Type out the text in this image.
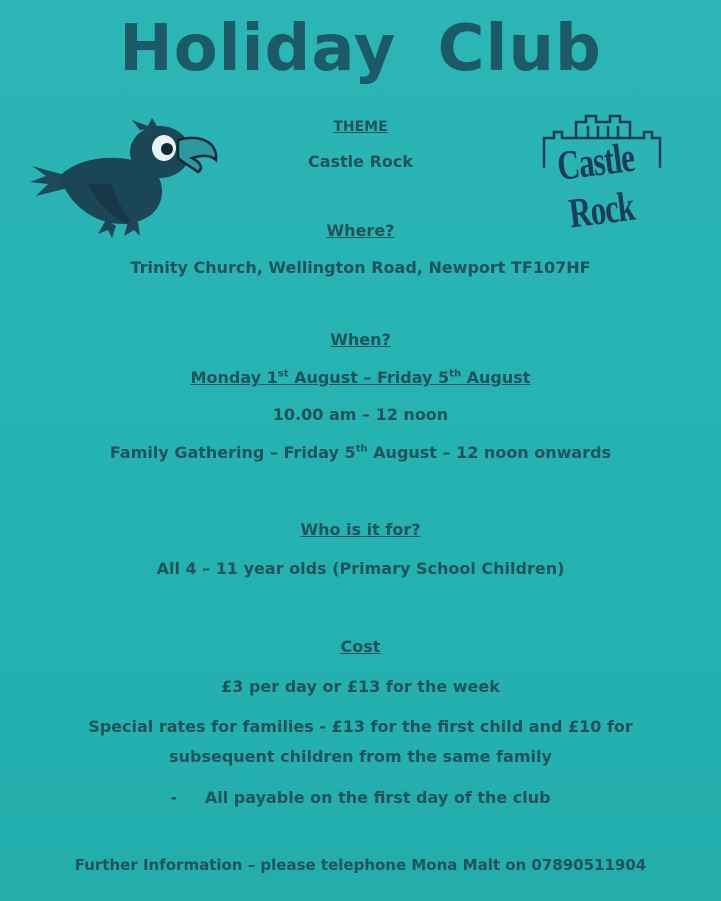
Holiday Club
THEME
Castle Rock	Castle Rock
Where?
Trinity Church, Wellington Road, Newport TF107HF
When?
Monday 1st August – Friday 5th August
10.00 am – 12 noon
Family Gathering – Friday 5th August – 12 noon onwards
Who is it for?
All 4 – 11 year olds (Primary School Children)
Cost
£3 per day or £13 for the week
Special rates for families - £13 for the first child and £10 for
subsequent children from the same family
-     All payable on the first day of the club
Further Information – please telephone Mona Malt on 07890511904
